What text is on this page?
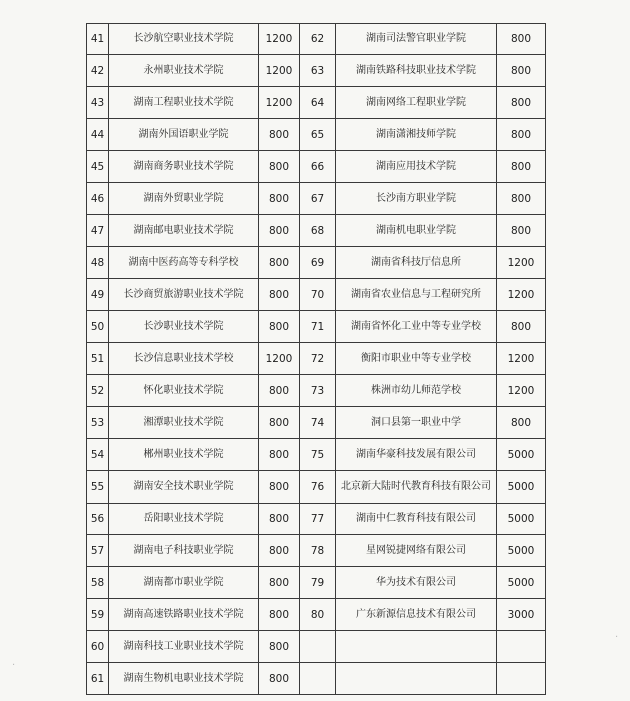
41	长沙航空职业技术学院	1200	62	湖南司法警官职业学院	800
42	永州职业技术学院	1200	63	湖南铁路科技职业技术学院	800
43	湖南工程职业技术学院	1200	64	湖南网络工程职业学院	800
44	湖南外国语职业学院	800	65	湖南潇湘技师学院	800
45	湖南商务职业技术学院	800	66	湖南应用技术学院	800
46	湖南外贸职业学院	800	67	长沙南方职业学院	800
47	湖南邮电职业技术学院	800	68	湖南机电职业学院	800
48	湖南中医药高等专科学校	800	69	湖南省科技厅信息所	1200
49	长沙商贸旅游职业技术学院	800	70	湖南省农业信息与工程研究所	1200
50	长沙职业技术学院	800	71	湖南省怀化工业中等专业学校	800
51	长沙信息职业技术学校	1200	72	衡阳市职业中等专业学校	1200
52	怀化职业技术学院	800	73	株洲市幼儿师范学校	1200
53	湘潭职业技术学院	800	74	洞口县第一职业中学	800
54	郴州职业技术学院	800	75	湖南华豪科技发展有限公司	5000
55	湖南安全技术职业学院	800	76	北京新大陆时代教育科技有限公司	5000
56	岳阳职业技术学院	800	77	湖南中仁教育科技有限公司	5000
57	湖南电子科技职业学院	800	78	星网锐捷网络有限公司	5000
58	湖南都市职业学院	800	79	华为技术有限公司	5000
59	湖南高速铁路职业技术学院	800	80	广东新源信息技术有限公司	3000
60	湖南科技工业职业技术学院	800			
61	湖南生物机电职业技术学院	800			
·
·
